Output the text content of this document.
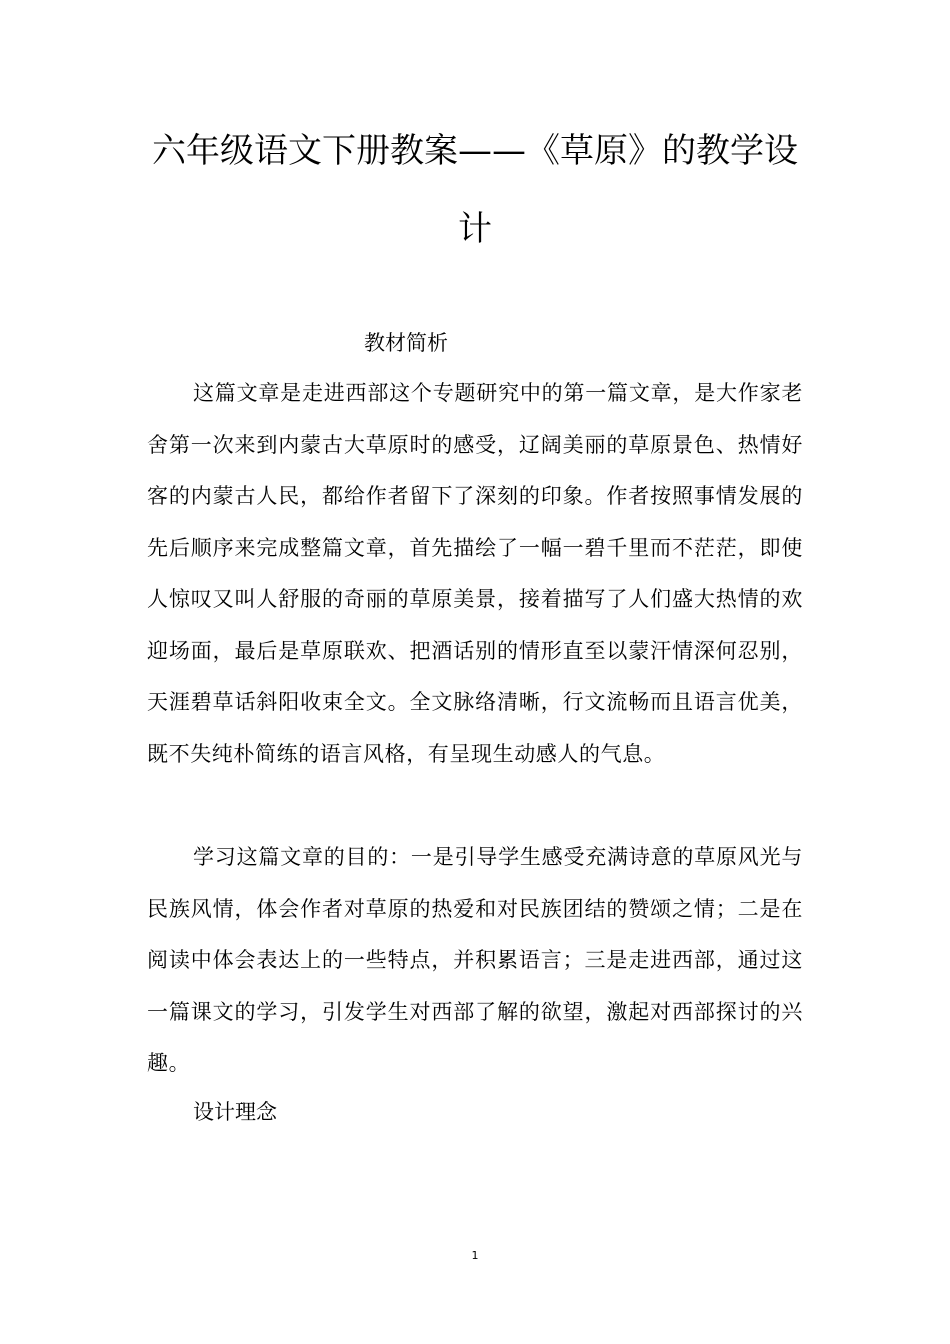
六年级语文下册教案——《草原》的教学设计
教材简析

这篇文章是走进西部这个专题研究中的第一篇文章，是大作家老舍第一次来到内蒙古大草原时的感受，辽阔美丽的草原景色、热情好客的内蒙古人民，都给作者留下了深刻的印象。作者按照事情发展的先后顺序来完成整篇文章，首先描绘了一幅一碧千里而不茫茫，即使人惊叹又叫人舒服的奇丽的草原美景，接着描写了人们盛大热情的欢迎场面，最后是草原联欢、把酒话别的情形直至以蒙汗情深何忍别，天涯碧草话斜阳收束全文。全文脉络清晰，行文流畅而且语言优美，既不失纯朴简练的语言风格，有呈现生动感人的气息。

学习这篇文章的目的：一是引导学生感受充满诗意的草原风光与民族风情，体会作者对草原的热爱和对民族团结的赞颂之情；二是在阅读中体会表达上的一些特点，并积累语言；三是走进西部，通过这一篇课文的学习，引发学生对西部了解的欲望，激起对西部探讨的兴趣。

设计理念
1
